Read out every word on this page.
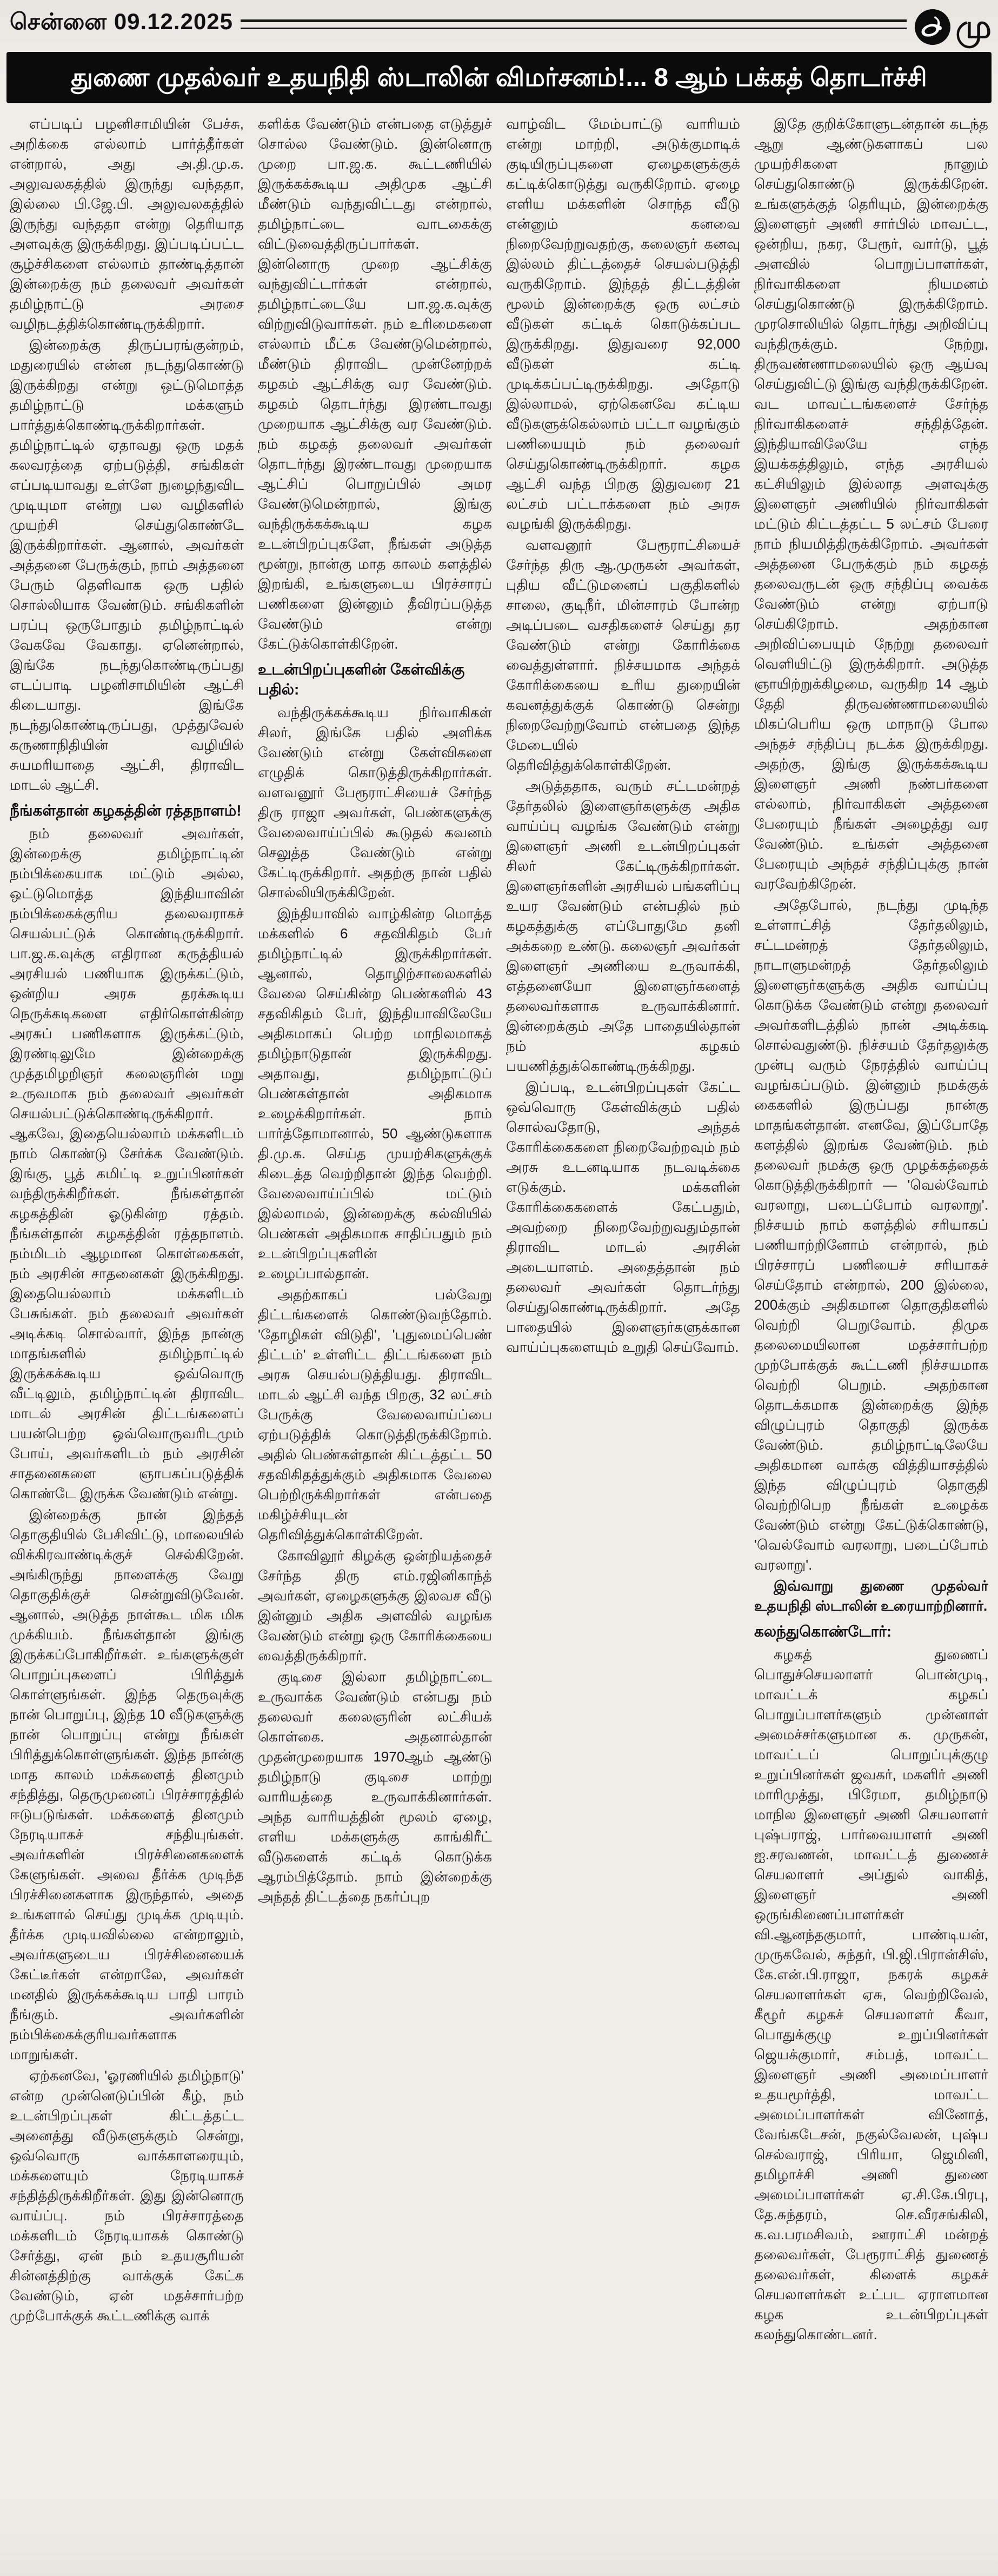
சென்னை 09.12.2025	மு
துணை முதல்வர் உதயநிதி ஸ்டாலின் விமர்சனம்!... 8 ஆம் பக்கத் தொடர்ச்சி

எப்படிப் பழனிசாமியின் பேச்சு, அறிக்கை எல்லாம் பார்த்தீர்கள் என்றால், அது அ.தி.மு.க. அலுவலகத்தில் இருந்து வந்ததா, இல்லை பி.ஜே.பி. அலுவலகத்தில் இருந்து வந்ததா என்று தெரியாத அளவுக்கு இருக்கிறது. இப்படிப்பட்ட சூழ்ச்சிகளை எல்லாம் தாண்டித்தான் இன்றைக்கு நம் தலைவர் அவர்கள் தமிழ்நாட்டு அரசை வழிநடத்திக்கொண்டிருக்கிறார்.

இன்றைக்கு திருப்பரங்குன்றம், மதுரையில் என்ன நடந்துகொண்டு இருக்கிறது என்று ஒட்டுமொத்த தமிழ்நாட்டு மக்களும் பார்த்துக்கொண்டிருக்கிறார்கள். தமிழ்நாட்டில் ஏதாவது ஒரு மதக் கலவரத்தை ஏற்படுத்தி, சங்கிகள் எப்படியாவது உள்ளே நுழைந்துவிட முடியுமா என்று பல வழிகளில் முயற்சி செய்துகொண்டே இருக்கிறார்கள். ஆனால், அவர்கள் அத்தனை பேருக்கும், நாம் அத்தனை பேரும் தெளிவாக ஒரு பதில் சொல்லியாக வேண்டும். சங்கிகளின் பரப்பு ஒருபோதும் தமிழ்நாட்டில் வேகவே வேகாது. ஏனென்றால், இங்கே நடந்துகொண்டிருப்பது எடப்பாடி பழனிசாமியின் ஆட்சி கிடையாது. இங்கே நடந்துகொண்டிருப்பது, முத்துவேல் கருணாநிதியின் வழியில் சுயமரியாதை ஆட்சி, திராவிட மாடல் ஆட்சி.

நீங்கள்தான் கழகத்தின் ரத்தநாளம்!

நம் தலைவர் அவர்கள், இன்றைக்கு தமிழ்நாட்டின் நம்பிக்கையாக மட்டும் அல்ல, ஒட்டுமொத்த இந்தியாவின் நம்பிக்கைக்குரிய தலைவராகச் செயல்பட்டுக் கொண்டிருக்கிறார். பா.ஜ.க.வுக்கு எதிரான கருத்தியல் அரசியல் பணியாக இருக்கட்டும், ஒன்றிய அரசு தரக்கூடிய நெருக்கடிகளை எதிர்கொள்கின்ற அரசுப் பணிகளாக இருக்கட்டும், இரண்டிலுமே இன்றைக்கு முத்தமிழறிஞர் கலைஞரின் மறு உருவமாக நம் தலைவர் அவர்கள் செயல்பட்டுக்கொண்டிருக்கிறார். ஆகவே, இதையெல்லாம் மக்களிடம் நாம் கொண்டு சேர்க்க வேண்டும். இங்கு, பூத் கமிட்டி உறுப்பினர்கள் வந்திருக்கிறீர்கள். நீங்கள்தான் கழகத்தின் ஓடுகின்ற ரத்தம். நீங்கள்தான் கழகத்தின் ரத்தநாளம். நம்மிடம் ஆழமான கொள்கைகள், நம் அரசின் சாதனைகள் இருக்கிறது. இதையெல்லாம் மக்களிடம் பேசுங்கள். நம் தலைவர் அவர்கள் அடிக்கடி சொல்வார், இந்த நான்கு மாதங்களில் தமிழ்நாட்டில் இருக்கக்கூடிய ஒவ்வொரு வீட்டிலும், தமிழ்நாட்டின் திராவிட மாடல் அரசின் திட்டங்களைப் பயன்பெற்ற ஒவ்வொருவரிடமும் போய், அவர்களிடம் நம் அரசின் சாதனைகளை ஞாபகப்படுத்திக் கொண்டே இருக்க வேண்டும் என்று.

இன்றைக்கு நான் இந்தத் தொகுதியில் பேசிவிட்டு, மாலையில் விக்கிரவாண்டிக்குச் செல்கிறேன். அங்கிருந்து நாளைக்கு வேறு தொகுதிக்குச் சென்றுவிடுவேன். ஆனால், அடுத்த நாள்கூட மிக மிக முக்கியம். நீங்கள்தான் இங்கு இருக்கப்போகிறீர்கள். உங்களுக்குள் பொறுப்புகளைப் பிரித்துக் கொள்ளுங்கள். இந்த தெருவுக்கு நான் பொறுப்பு, இந்த 10 வீடுகளுக்கு நான் பொறுப்பு என்று நீங்கள் பிரித்துக்கொள்ளுங்கள். இந்த நான்கு மாத காலம் மக்களைத் தினமும் சந்தித்து, தெருமுனைப் பிரச்சாரத்தில் ஈடுபடுங்கள். மக்களைத் தினமும் நேரடியாகச் சந்தியுங்கள். அவர்களின் பிரச்சினைகளைக் கேளுங்கள். அவை தீர்க்க முடிந்த பிரச்சினைகளாக இருந்தால், அதை உங்களால் செய்து முடிக்க முடியும். தீர்க்க முடியவில்லை என்றாலும், அவர்களுடைய பிரச்சினையைக் கேட்டீர்கள் என்றாலே, அவர்கள் மனதில் இருக்கக்கூடிய பாதி பாரம் நீங்கும். அவர்களின் நம்பிக்கைக்குரியவர்களாக மாறுங்கள்.

ஏற்கனவே, 'ஓரணியில் தமிழ்நாடு' என்ற முன்னெடுப்பின் கீழ், நம் உடன்பிறப்புகள் கிட்டத்தட்ட அனைத்து வீடுகளுக்கும் சென்று, ஒவ்வொரு வாக்காளரையும், மக்களையும் நேரடியாகச் சந்தித்திருக்கிறீர்கள். இது இன்னொரு வாய்ப்பு. நம் பிரச்சாரத்தை மக்களிடம் நேரடியாகக் கொண்டு சேர்த்து, ஏன் நம் உதயசூரியன் சின்னத்திற்கு வாக்குக் கேட்க வேண்டும், ஏன் மதச்சார்பற்ற முற்போக்குக் கூட்டணிக்கு வாக்

களிக்க வேண்டும் என்பதை எடுத்துச் சொல்ல வேண்டும். இன்னொரு முறை பா.ஜ.க. கூட்டணியில் இருக்கக்கூடிய அதிமுக ஆட்சி மீண்டும் வந்துவிட்டது என்றால், தமிழ்நாட்டை வாடகைக்கு விட்டுவைத்திருப்பார்கள். இன்னொரு முறை ஆட்சிக்கு வந்துவிட்டார்கள் என்றால், தமிழ்நாட்டையே பா.ஜ.க.வுக்கு விற்றுவிடுவார்கள். நம் உரிமைகளை எல்லாம் மீட்க வேண்டுமென்றால், மீண்டும் திராவிட முன்னேற்றக் கழகம் ஆட்சிக்கு வர வேண்டும். கழகம் தொடர்ந்து இரண்டாவது முறையாக ஆட்சிக்கு வர வேண்டும். நம் கழகத் தலைவர் அவர்கள் தொடர்ந்து இரண்டாவது முறையாக ஆட்சிப் பொறுப்பில் அமர வேண்டுமென்றால், இங்கு வந்திருக்கக்கூடிய கழக உடன்பிறப்புகளே, நீங்கள் அடுத்த மூன்று, நான்கு மாத காலம் களத்தில் இறங்கி, உங்களுடைய பிரச்சாரப் பணிகளை இன்னும் தீவிரப்படுத்த வேண்டும் என்று கேட்டுக்கொள்கிறேன்.

உடன்பிறப்புகளின் கேள்விக்கு பதில்:

வந்திருக்கக்கூடிய நிர்வாகிகள் சிலர், இங்கே பதில் அளிக்க வேண்டும் என்று கேள்விகளை எழுதிக் கொடுத்திருக்கிறார்கள். வளவனூர் பேரூராட்சியைச் சேர்ந்த திரு ராஜா அவர்கள், பெண்களுக்கு வேலைவாய்ப்பில் கூடுதல் கவனம் செலுத்த வேண்டும் என்று கேட்டிருக்கிறார். அதற்கு நான் பதில் சொல்லியிருக்கிறேன்.

இந்தியாவில் வாழ்கின்ற மொத்த மக்களில் 6 சதவிகிதம் பேர் தமிழ்நாட்டில் இருக்கிறார்கள். ஆனால், தொழிற்சாலைகளில் வேலை செய்கின்ற பெண்களில் 43 சதவிகிதம் பேர், இந்தியாவிலேயே அதிகமாகப் பெற்ற மாநிலமாகத் தமிழ்நாடுதான் இருக்கிறது. அதாவது, தமிழ்நாட்டுப் பெண்கள்தான் அதிகமாக உழைக்கிறார்கள். நாம் பார்த்தோமானால், 50 ஆண்டுகளாக தி.மு.க. செய்த முயற்சிகளுக்குக் கிடைத்த வெற்றிதான் இந்த வெற்றி. வேலைவாய்ப்பில் மட்டும் இல்லாமல், இன்றைக்கு கல்வியில் பெண்கள் அதிகமாக சாதிப்பதும் நம் உடன்பிறப்புகளின் உழைப்பால்தான்.

அதற்காகப் பல்வேறு திட்டங்களைக் கொண்டுவந்தோம். 'தோழிகள் விடுதி', 'புதுமைப்பெண் திட்டம்' உள்ளிட்ட திட்டங்களை நம் அரசு செயல்படுத்தியது. திராவிட மாடல் ஆட்சி வந்த பிறகு, 32 லட்சம் பேருக்கு வேலைவாய்ப்பை ஏற்படுத்திக் கொடுத்திருக்கிறோம். அதில் பெண்கள்தான் கிட்டத்தட்ட 50 சதவிகிதத்துக்கும் அதிகமாக வேலை பெற்றிருக்கிறார்கள் என்பதை மகிழ்ச்சியுடன் தெரிவித்துக்கொள்கிறேன்.

கோவிலூர் கிழக்கு ஒன்றியத்தைச் சேர்ந்த திரு எம்.ரஜினிகாந்த் அவர்கள், ஏழைகளுக்கு இலவச வீடு இன்னும் அதிக அளவில் வழங்க வேண்டும் என்று ஒரு கோரிக்கையை வைத்திருக்கிறார்.

குடிசை இல்லா தமிழ்நாட்டை உருவாக்க வேண்டும் என்பது நம் தலைவர் கலைஞரின் லட்சியக் கொள்கை. அதனால்தான் முதன்முறையாக 1970ஆம் ஆண்டு தமிழ்நாடு குடிசை மாற்று வாரியத்தை உருவாக்கினார்கள். அந்த வாரியத்தின் மூலம் ஏழை, எளிய மக்களுக்கு காங்கிரீட் வீடுகளைக் கட்டிக் கொடுக்க ஆரம்பித்தோம். நாம் இன்றைக்கு அந்தத் திட்டத்தை நகர்ப்புற

வாழ்விட மேம்பாட்டு வாரியம் என்று மாற்றி, அடுக்குமாடிக் குடியிருப்புகளை ஏழைகளுக்குக் கட்டிக்கொடுத்து வருகிறோம். ஏழை எளிய மக்களின் சொந்த வீடு என்னும் கனவை நிறைவேற்றுவதற்கு, கலைஞர் கனவு இல்லம் திட்டத்தைச் செயல்படுத்தி வருகிறோம். இந்தத் திட்டத்தின் மூலம் இன்றைக்கு ஒரு லட்சம் வீடுகள் கட்டிக் கொடுக்கப்பட இருக்கிறது. இதுவரை 92,000 வீடுகள் கட்டி முடிக்கப்பட்டிருக்கிறது. அதோடு இல்லாமல், ஏற்கெனவே கட்டிய வீடுகளுக்கெல்லாம் பட்டா வழங்கும் பணியையும் நம் தலைவர் செய்துகொண்டிருக்கிறார். கழக ஆட்சி வந்த பிறகு இதுவரை 21 லட்சம் பட்டாக்களை நம் அரசு வழங்கி இருக்கிறது.

வளவனூர் பேரூராட்சியைச் சேர்ந்த திரு ஆ.முருகன் அவர்கள், புதிய வீட்டுமனைப் பகுதிகளில் சாலை, குடிநீர், மின்சாரம் போன்ற அடிப்படை வசதிகளைச் செய்து தர வேண்டும் என்று கோரிக்கை வைத்துள்ளார். நிச்சயமாக அந்தக் கோரிக்கையை உரிய துறையின் கவனத்துக்குக் கொண்டு சென்று நிறைவேற்றுவோம் என்பதை இந்த மேடையில் தெரிவித்துக்கொள்கிறேன்.

அடுத்ததாக, வரும் சட்டமன்றத் தேர்தலில் இளைஞர்களுக்கு அதிக வாய்ப்பு வழங்க வேண்டும் என்று இளைஞர் அணி உடன்பிறப்புகள் சிலர் கேட்டிருக்கிறார்கள். இளைஞர்களின் அரசியல் பங்களிப்பு உயர வேண்டும் என்பதில் நம் கழகத்துக்கு எப்போதுமே தனி அக்கறை உண்டு. கலைஞர் அவர்கள் இளைஞர் அணியை உருவாக்கி, எத்தனையோ இளைஞர்களைத் தலைவர்களாக உருவாக்கினார். இன்றைக்கும் அதே பாதையில்தான் நம் கழகம் பயணித்துக்கொண்டிருக்கிறது.

இப்படி, உடன்பிறப்புகள் கேட்ட ஒவ்வொரு கேள்விக்கும் பதில் சொல்வதோடு, அந்தக் கோரிக்கைகளை நிறைவேற்றவும் நம் அரசு உடனடியாக நடவடிக்கை எடுக்கும். மக்களின் கோரிக்கைகளைக் கேட்பதும், அவற்றை நிறைவேற்றுவதும்தான் திராவிட மாடல் அரசின் அடையாளம். அதைத்தான் நம் தலைவர் அவர்கள் தொடர்ந்து செய்துகொண்டிருக்கிறார். அதே பாதையில் இளைஞர்களுக்கான வாய்ப்புகளையும் உறுதி செய்வோம்.

இதே குறிக்கோளுடன்தான் கடந்த ஆறு ஆண்டுகளாகப் பல முயற்சிகளை நானும் செய்துகொண்டு இருக்கிறேன். உங்களுக்குத் தெரியும், இன்றைக்கு இளைஞர் அணி சார்பில் மாவட்ட, ஒன்றிய, நகர, பேரூர், வார்டு, பூத் அளவில் பொறுப்பாளர்கள், நிர்வாகிகளை நியமனம் செய்துகொண்டு இருக்கிறோம். முரசொலியில் தொடர்ந்து அறிவிப்பு வந்திருக்கும். நேற்று, திருவண்ணாமலையில் ஒரு ஆய்வு செய்துவிட்டு இங்கு வந்திருக்கிறேன். வட மாவட்டங்களைச் சேர்ந்த நிர்வாகிகளைச் சந்தித்தேன். இந்தியாவிலேயே எந்த இயக்கத்திலும், எந்த அரசியல் கட்சியிலும் இல்லாத அளவுக்கு இளைஞர் அணியில் நிர்வாகிகள் மட்டும் கிட்டத்தட்ட 5 லட்சம் பேரை நாம் நியமித்திருக்கிறோம். அவர்கள் அத்தனை பேருக்கும் நம் கழகத் தலைவருடன் ஒரு சந்திப்பு வைக்க வேண்டும் என்று ஏற்பாடு செய்கிறோம். அதற்கான அறிவிப்பையும் நேற்று தலைவர் வெளியிட்டு இருக்கிறார். அடுத்த ஞாயிற்றுக்கிழமை, வருகிற 14 ஆம் தேதி திருவண்ணாமலையில் மிகப்பெரிய ஒரு மாநாடு போல அந்தச் சந்திப்பு நடக்க இருக்கிறது. அதற்கு, இங்கு இருக்கக்கூடிய இளைஞர் அணி நண்பர்களை எல்லாம், நிர்வாகிகள் அத்தனை பேரையும் நீங்கள் அழைத்து வர வேண்டும். உங்கள் அத்தனை பேரையும் அந்தச் சந்திப்புக்கு நான் வரவேற்கிறேன்.

அதேபோல், நடந்து முடிந்த உள்ளாட்சித் தேர்தலிலும், சட்டமன்றத் தேர்தலிலும், நாடாளுமன்றத் தேர்தலிலும் இளைஞர்களுக்கு அதிக வாய்ப்பு கொடுக்க வேண்டும் என்று தலைவர் அவர்களிடத்தில் நான் அடிக்கடி சொல்வதுண்டு. நிச்சயம் தேர்தலுக்கு முன்பு வரும் நேரத்தில் வாய்ப்பு வழங்கப்படும். இன்னும் நமக்குக் கைகளில் இருப்பது நான்கு மாதங்கள்தான். எனவே, இப்போதே களத்தில் இறங்க வேண்டும். நம் தலைவர் நமக்கு ஒரு முழக்கத்தைக் கொடுத்திருக்கிறார் — 'வெல்வோம் வரலாறு, படைப்போம் வரலாறு'. நிச்சயம் நாம் களத்தில் சரியாகப் பணியாற்றினோம் என்றால், நம் பிரச்சாரப் பணியைச் சரியாகச் செய்தோம் என்றால், 200 இல்லை, 200க்கும் அதிகமான தொகுதிகளில் வெற்றி பெறுவோம். திமுக தலைமையிலான மதச்சார்பற்ற முற்போக்குக் கூட்டணி நிச்சயமாக வெற்றி பெறும். அதற்கான தொடக்கமாக இன்றைக்கு இந்த விழுப்புரம் தொகுதி இருக்க வேண்டும். தமிழ்நாட்டிலேயே அதிகமான வாக்கு வித்தியாசத்தில் இந்த விழுப்புரம் தொகுதி வெற்றிபெற நீங்கள் உழைக்க வேண்டும் என்று கேட்டுக்கொண்டு, 'வெல்வோம் வரலாறு, படைப்போம் வரலாறு'.

இவ்வாறு துணை முதல்வர் உதயநிதி ஸ்டாலின் உரையாற்றினார்.

கலந்துகொண்டோர்:

கழகத் துணைப் பொதுச்செயலாளர் பொன்முடி, மாவட்டக் கழகப் பொறுப்பாளர்களும் முன்னாள் அமைச்சர்களுமான க. முருகன், மாவட்டப் பொறுப்புக்குழு உறுப்பினர்கள் ஜவகர், மகளிர் அணி மாரிமுத்து, பிரேமா, தமிழ்நாடு மாநில இளைஞர் அணி செயலாளர் புஷ்பராஜ், பார்வையாளர் அணி ஐ.சரவணன், மாவட்டத் துணைச் செயலாளர் அப்துல் வாகித், இளைஞர் அணி ஒருங்கிணைப்பாளர்கள் வி.ஆனந்தகுமார், பாண்டியன், முருகவேல், சுந்தர், பி.ஜி.பிரான்சிஸ், கே.என்.பி.ராஜா, நகரக் கழகச் செயலாளர்கள் ஏசு, வெற்றிவேல், கீழூர் கழகச் செயலாளர் கீவா, பொதுக்குழு உறுப்பினர்கள் ஜெயக்குமார், சம்பத், மாவட்ட இளைஞர் அணி அமைப்பாளர் உதயமூர்த்தி, மாவட்ட அமைப்பாளர்கள் வினோத், வேங்கடேசன், நகுல்வேலன், புஷ்ப செல்வராஜ், பிரியா, ஜெமினி, தமிழாச்சி அணி துணை அமைப்பாளர்கள் ஏ.சி.கே.பிரபு, தே.சுந்தரம், செ.வீரசங்கிலி, க.வ.பரமசிவம், ஊராட்சி மன்றத் தலைவர்கள், பேரூராட்சித் துணைத் தலைவர்கள், கிளைக் கழகச் செயலாளர்கள் உட்பட ஏராளமான கழக உடன்பிறப்புகள் கலந்துகொண்டனர்.
